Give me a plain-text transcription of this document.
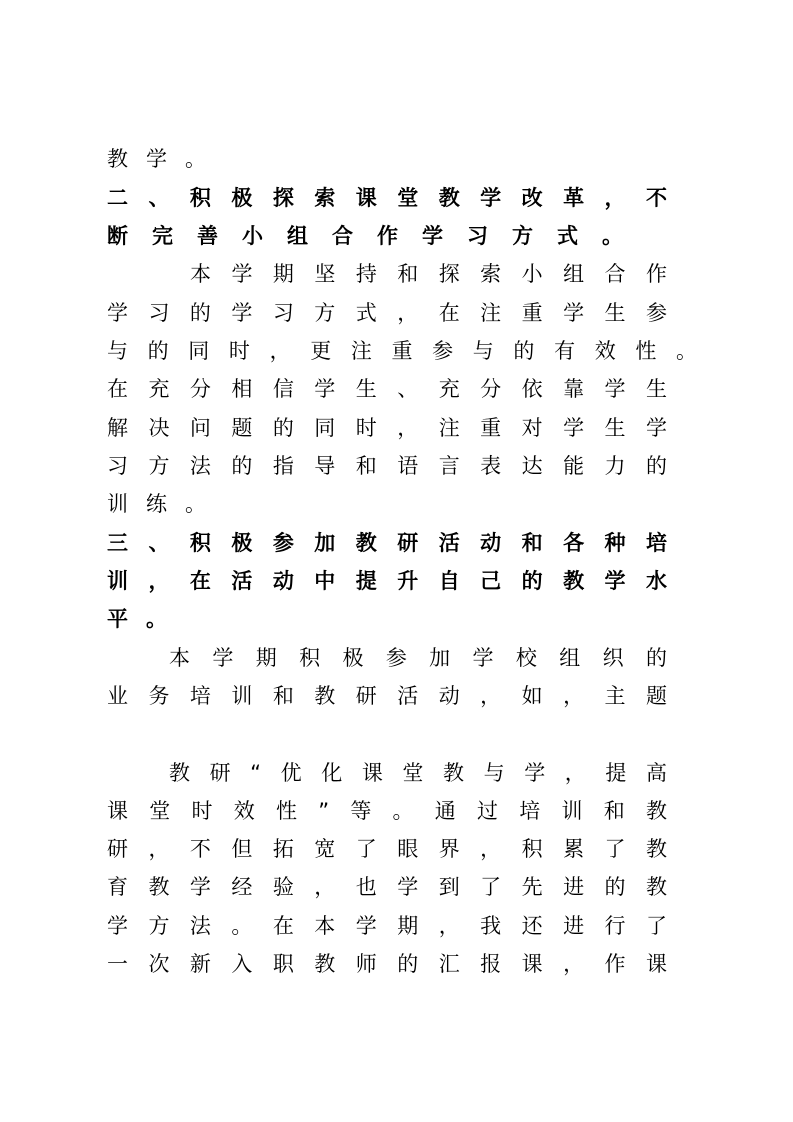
教学。
二、积极探索课堂教学改革，不
断完善小组合作学习方式。
本学期坚持和探索小组合作
学习的学习方式，在注重学生参
与的同时，更注重参与的有效性。
在充分相信学生、充分依靠学生
解决问题的同时，注重对学生学
习方法的指导和语言表达能力的
训练。
三、积极参加教研活动和各种培
训，在活动中提升自己的教学水
平。
本学期积极参加学校组织的
业务培训和教研活动，如，主题
教研“优化课堂教与学，提高
课堂时效性”等。通过培训和教
研，不但拓宽了眼界，积累了教
育教学经验，也学到了先进的教
学方法。在本学期，我还进行了
一次新入职教师的汇报课，作课
